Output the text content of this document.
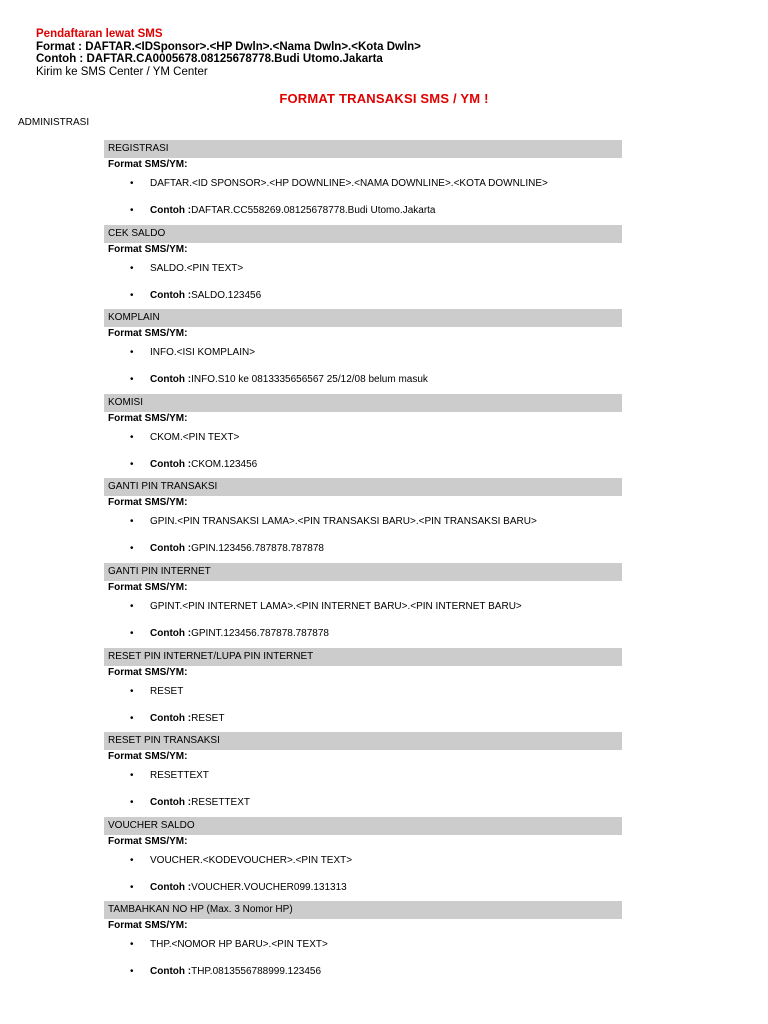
Pendaftaran lewat SMS
Format : DAFTAR.<IDSponsor>.<HP Dwln>.<Nama Dwln>.<Kota Dwln>
Contoh : DAFTAR.CA0005678.08125678778.Budi Utomo.Jakarta
Kirim ke SMS Center / YM Center
FORMAT TRANSAKSI SMS / YM !
ADMINISTRASI
REGISTRASI
Format SMS/YM:
•DAFTAR.<ID SPONSOR>.<HP DOWNLINE>.<NAMA DOWNLINE>.<KOTA DOWNLINE>
•Contoh :DAFTAR.CC558269.08125678778.Budi Utomo.Jakarta
CEK SALDO
Format SMS/YM:
•SALDO.<PIN TEXT>
•Contoh :SALDO.123456
KOMPLAIN
Format SMS/YM:
•INFO.<ISI KOMPLAIN>
•Contoh :INFO.S10 ke 0813335656567 25/12/08 belum masuk
KOMISI
Format SMS/YM:
•CKOM.<PIN TEXT>
•Contoh :CKOM.123456
GANTI PIN TRANSAKSI
Format SMS/YM:
•GPIN.<PIN TRANSAKSI LAMA>.<PIN TRANSAKSI BARU>.<PIN TRANSAKSI BARU>
•Contoh :GPIN.123456.787878.787878
GANTI PIN INTERNET
Format SMS/YM:
•GPINT.<PIN INTERNET LAMA>.<PIN INTERNET BARU>.<PIN INTERNET BARU>
•Contoh :GPINT.123456.787878.787878
RESET PIN INTERNET/LUPA PIN INTERNET
Format SMS/YM:
•RESET
•Contoh :RESET
RESET PIN TRANSAKSI
Format SMS/YM:
•RESETTEXT
•Contoh :RESETTEXT
VOUCHER SALDO
Format SMS/YM:
•VOUCHER.<KODEVOUCHER>.<PIN TEXT>
•Contoh :VOUCHER.VOUCHER099.131313
TAMBAHKAN NO HP (Max. 3 Nomor HP)
Format SMS/YM:
•THP.<NOMOR HP BARU>.<PIN TEXT>
•Contoh :THP.0813556788999.123456
